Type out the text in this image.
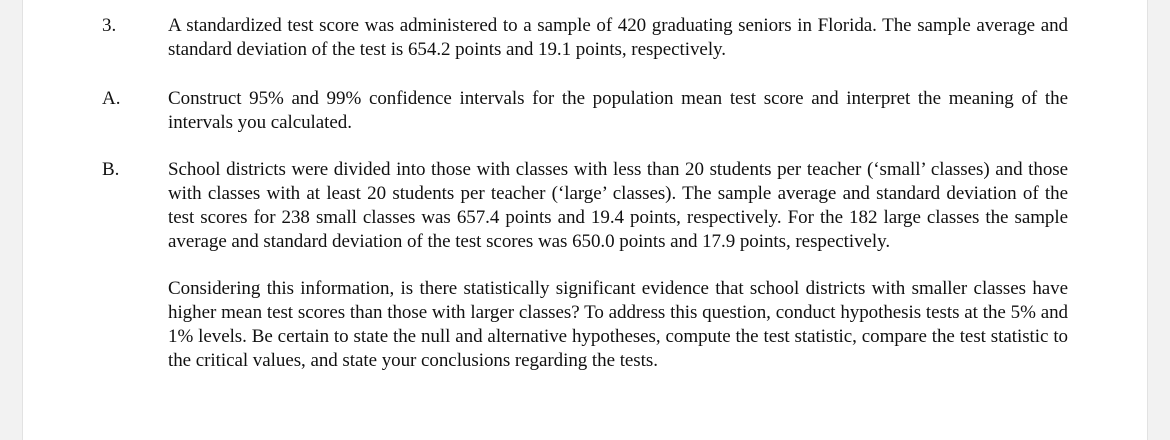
3.	A standardized test score was administered to a sample of 420 graduating seniors in Florida. The sample average and standard deviation of the test is 654.2 points and 19.1 points, respectively.
A.	Construct 95% and 99% confidence intervals for the population mean test score and interpret the meaning of the intervals you calculated.
B.	School districts were divided into those with classes with less than 20 students per teacher (‘small’ classes) and those with classes with at least 20 students per teacher (‘large’ classes). The sample average and standard deviation of the test scores for 238 small classes was 657.4 points and 19.4 points, respectively. For the 182 large classes the sample average and standard deviation of the test scores was 650.0 points and 17.9 points, respectively.
Considering this information, is there statistically significant evidence that school districts with smaller classes have higher mean test scores than those with larger classes? To address this question, conduct hypothesis tests at the 5% and 1% levels. Be certain to state the null and alternative hypotheses, compute the test statistic, compare the test statistic to the critical values, and state your conclusions regarding the tests.
